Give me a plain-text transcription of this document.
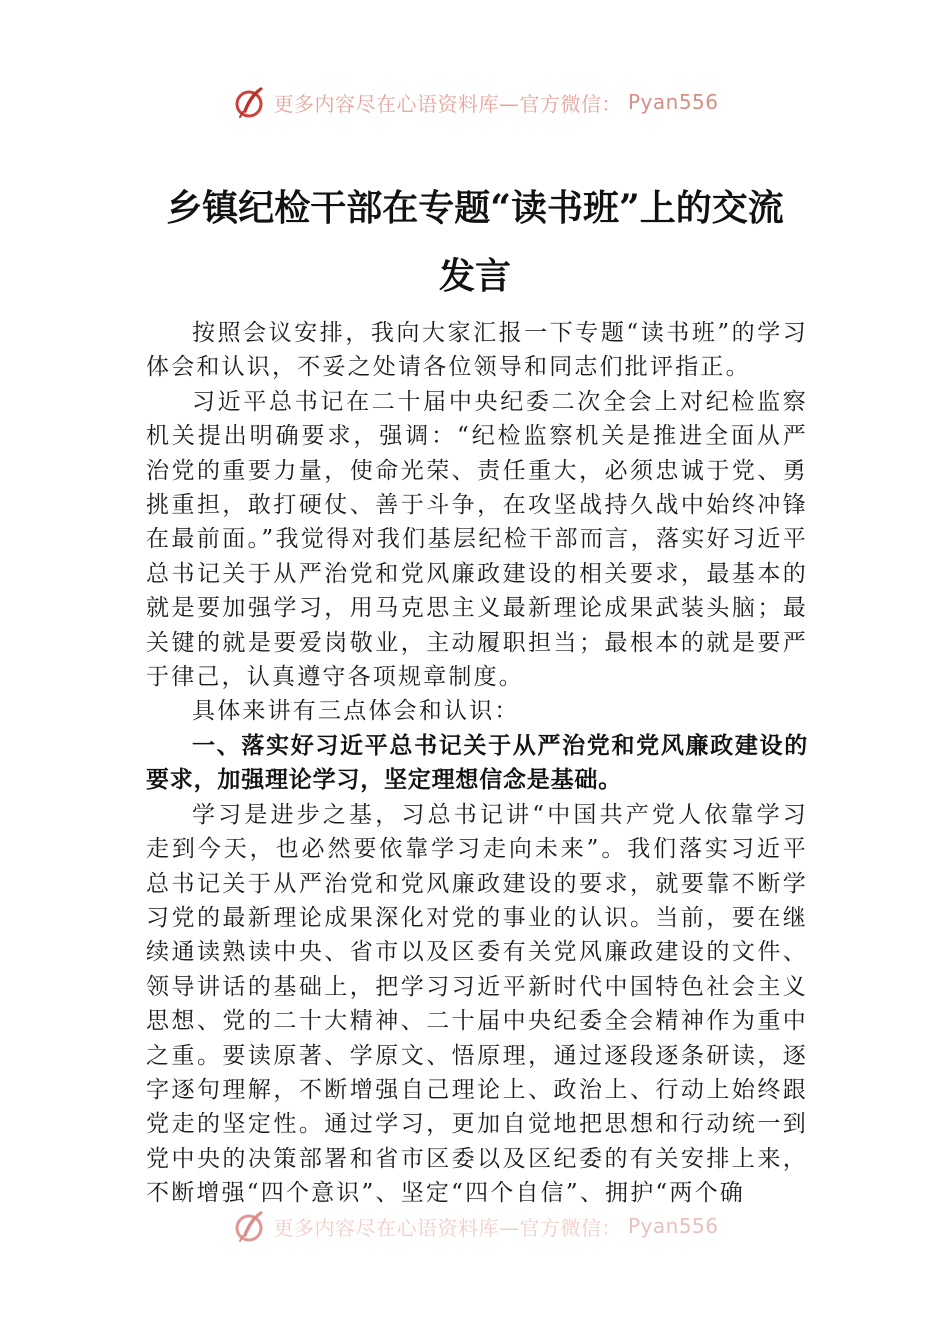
更多内容尽在心语资料库—官方微信： Pyan556
乡镇纪检干部在专题“读书班”上的交流
发言

按照会议安排，我向大家汇报一下专题“读书班”的学习体会和认识，不妥之处请各位领导和同志们批评指正。

习近平总书记在二十届中央纪委二次全会上对纪检监察机关提出明确要求，强调：“纪检监察机关是推进全面从严治党的重要力量，使命光荣、责任重大，必须忠诚于党、勇挑重担，敢打硬仗、善于斗争，在攻坚战持久战中始终冲锋在最前面。”我觉得对我们基层纪检干部而言，落实好习近平总书记关于从严治党和党风廉政建设的相关要求，最基本的就是要加强学习，用马克思主义最新理论成果武装头脑；最关键的就是要爱岗敬业，主动履职担当；最根本的就是要严于律己，认真遵守各项规章制度。

具体来讲有三点体会和认识：

一、落实好习近平总书记关于从严治党和党风廉政建设的要求，加强理论学习，坚定理想信念是基础。

学习是进步之基，习总书记讲“中国共产党人依靠学习走到今天，也必然要依靠学习走向未来”。我们落实习近平总书记关于从严治党和党风廉政建设的要求，就要靠不断学习党的最新理论成果深化对党的事业的认识。当前，要在继续通读熟读中央、省市以及区委有关党风廉政建设的文件、领导讲话的基础上，把学习习近平新时代中国特色社会主义思想、党的二十大精神、二十届中央纪委全会精神作为重中之重。要读原著、学原文、悟原理，通过逐段逐条研读，逐字逐句理解，不断增强自己理论上、政治上、行动上始终跟党走的坚定性。通过学习，更加自觉地把思想和行动统一到党中央的决策部署和省市区委以及区纪委的有关安排上来，不断增强“四个意识”、坚定“四个自信”、拥护“两个确

更多内容尽在心语资料库—官方微信： Pyan556
